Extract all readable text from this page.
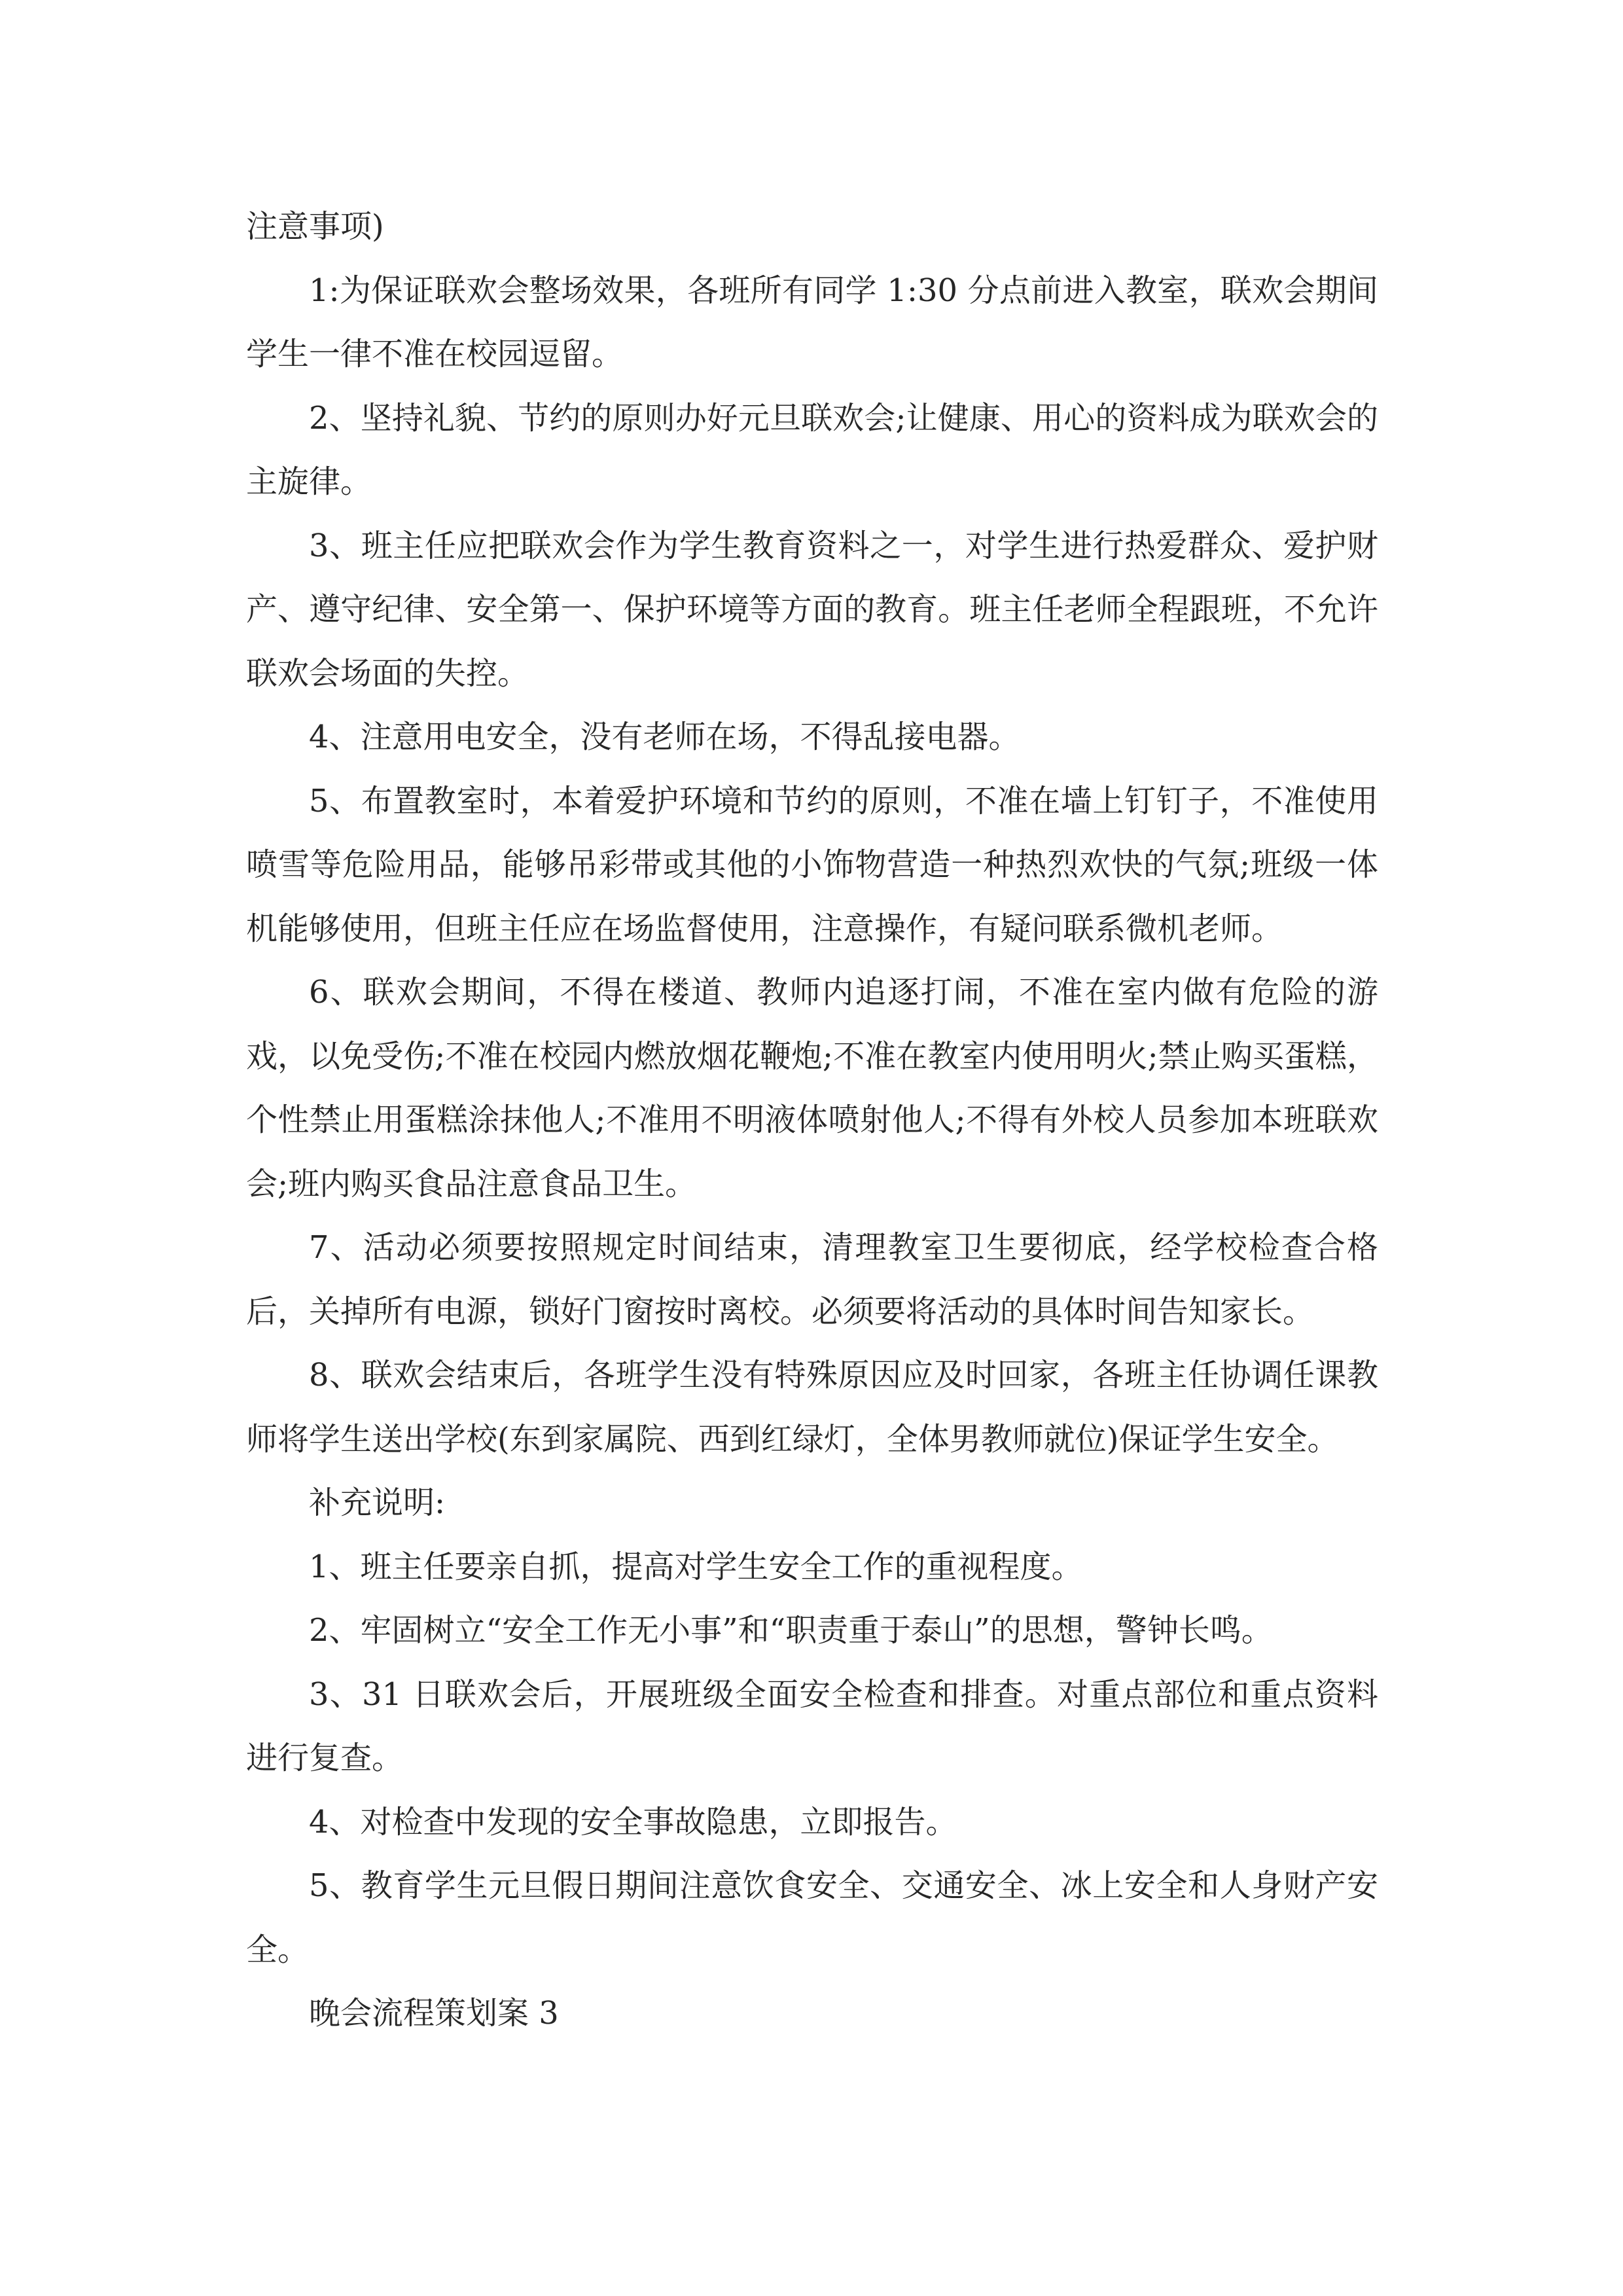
注意事项)

1:为保证联欢会整场效果，各班所有同学 1:30 分点前进入教室，联欢会期间学生一律不准在校园逗留。

2、坚持礼貌、节约的原则办好元旦联欢会;让健康、用心的资料成为联欢会的主旋律。

3、班主任应把联欢会作为学生教育资料之一，对学生进行热爱群众、爱护财产、遵守纪律、安全第一、保护环境等方面的教育。班主任老师全程跟班，不允许联欢会场面的失控。

4、注意用电安全，没有老师在场，不得乱接电器。

5、布置教室时，本着爱护环境和节约的原则，不准在墙上钉钉子，不准使用喷雪等危险用品，能够吊彩带或其他的小饰物营造一种热烈欢快的气氛;班级一体机能够使用，但班主任应在场监督使用，注意操作，有疑问联系微机老师。

6、联欢会期间，不得在楼道、教师内追逐打闹，不准在室内做有危险的游戏，以免受伤;不准在校园内燃放烟花鞭炮;不准在教室内使用明火;禁止购买蛋糕，个性禁止用蛋糕涂抹他人;不准用不明液体喷射他人;不得有外校人员参加本班联欢会;班内购买食品注意食品卫生。

7、活动必须要按照规定时间结束，清理教室卫生要彻底，经学校检查合格后，关掉所有电源，锁好门窗按时离校。必须要将活动的具体时间告知家长。

8、联欢会结束后，各班学生没有特殊原因应及时回家，各班主任协调任课教师将学生送出学校(东到家属院、西到红绿灯，全体男教师就位)保证学生安全。

补充说明:

1、班主任要亲自抓，提高对学生安全工作的重视程度。

2、牢固树立“安全工作无小事”和“职责重于泰山”的思想，警钟长鸣。

3、31 日联欢会后，开展班级全面安全检查和排查。对重点部位和重点资料进行复查。

4、对检查中发现的安全事故隐患，立即报告。

5、教育学生元旦假日期间注意饮食安全、交通安全、冰上安全和人身财产安全。

晚会流程策划案 3
